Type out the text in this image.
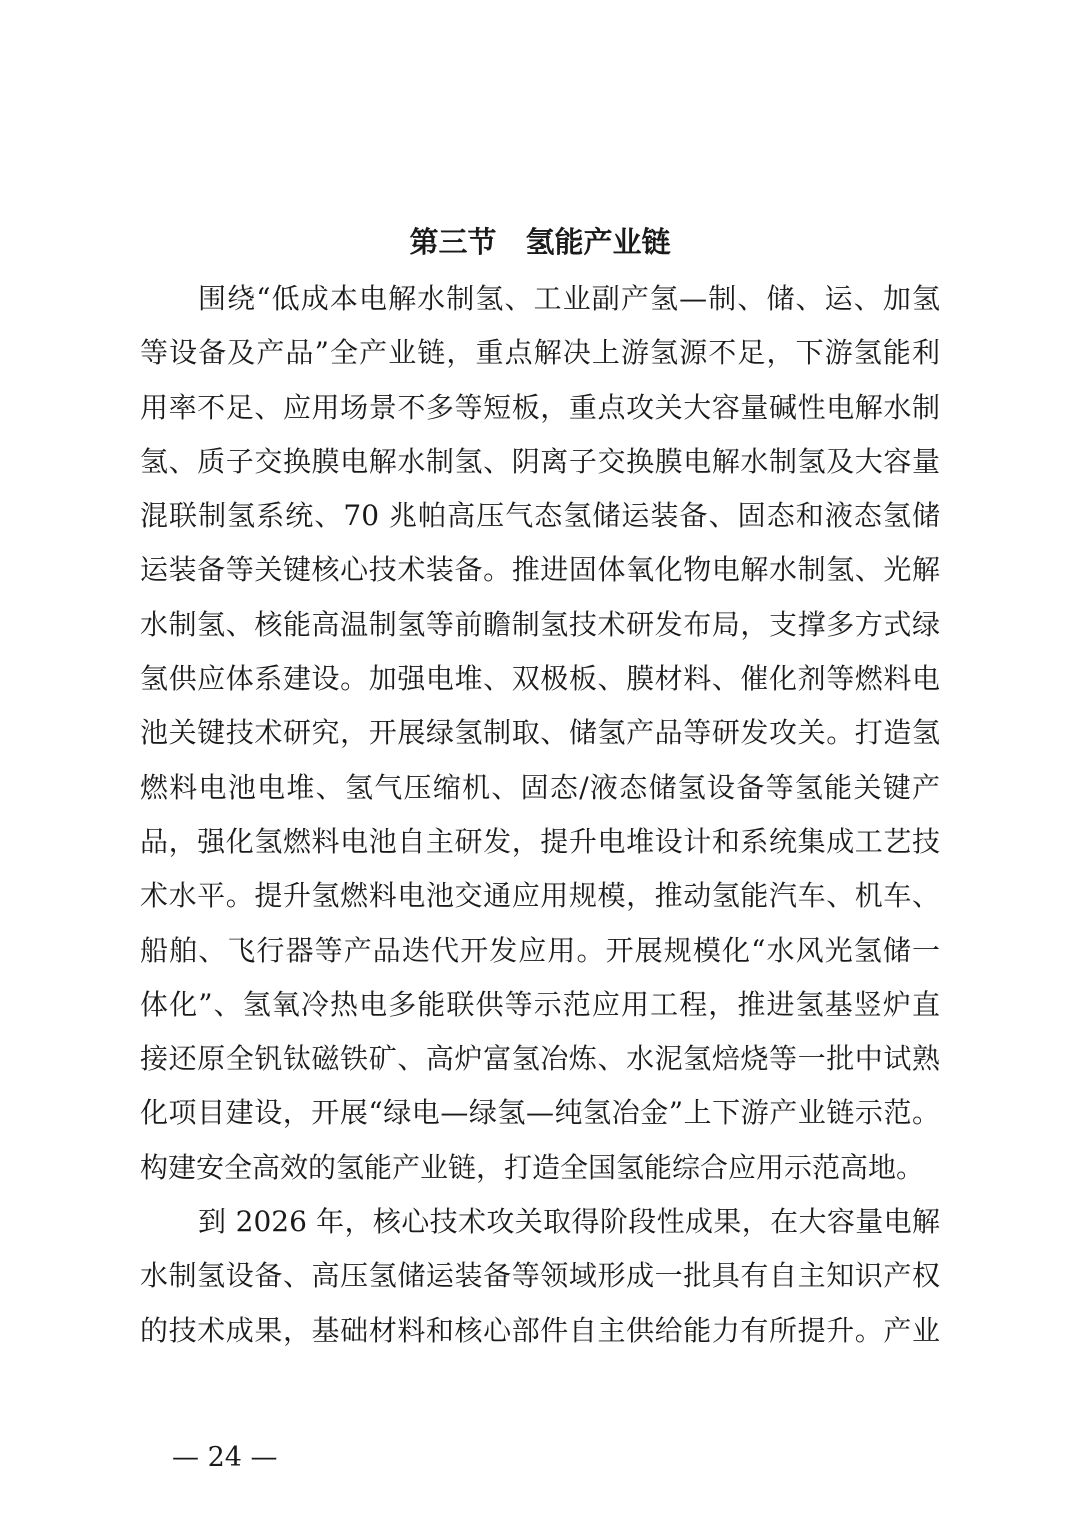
第三节　氢能产业链
围绕“低成本电解水制氢、工业副产氢—制、储、运、加氢
等设备及产品”全产业链，重点解决上游氢源不足，下游氢能利
用率不足、应用场景不多等短板，重点攻关大容量碱性电解水制
氢、质子交换膜电解水制氢、阴离子交换膜电解水制氢及大容量
混联制氢系统、70 兆帕高压气态氢储运装备、固态和液态氢储
运装备等关键核心技术装备。推进固体氧化物电解水制氢、光解
水制氢、核能高温制氢等前瞻制氢技术研发布局，支撑多方式绿
氢供应体系建设。加强电堆、双极板、膜材料、催化剂等燃料电
池关键技术研究，开展绿氢制取、储氢产品等研发攻关。打造氢
燃料电池电堆、氢气压缩机、固态/液态储氢设备等氢能关键产
品，强化氢燃料电池自主研发，提升电堆设计和系统集成工艺技
术水平。提升氢燃料电池交通应用规模，推动氢能汽车、机车、
船舶、飞行器等产品迭代开发应用。开展规模化“水风光氢储一
体化”、氢氧冷热电多能联供等示范应用工程，推进氢基竖炉直
接还原全钒钛磁铁矿、高炉富氢冶炼、水泥氢焙烧等一批中试熟
化项目建设，开展“绿电—绿氢—纯氢冶金”上下游产业链示范。
构建安全高效的氢能产业链，打造全国氢能综合应用示范高地。
到 2026 年，核心技术攻关取得阶段性成果，在大容量电解
水制氢设备、高压氢储运装备等领域形成一批具有自主知识产权
的技术成果，基础材料和核心部件自主供给能力有所提升。产业
— 24 —
